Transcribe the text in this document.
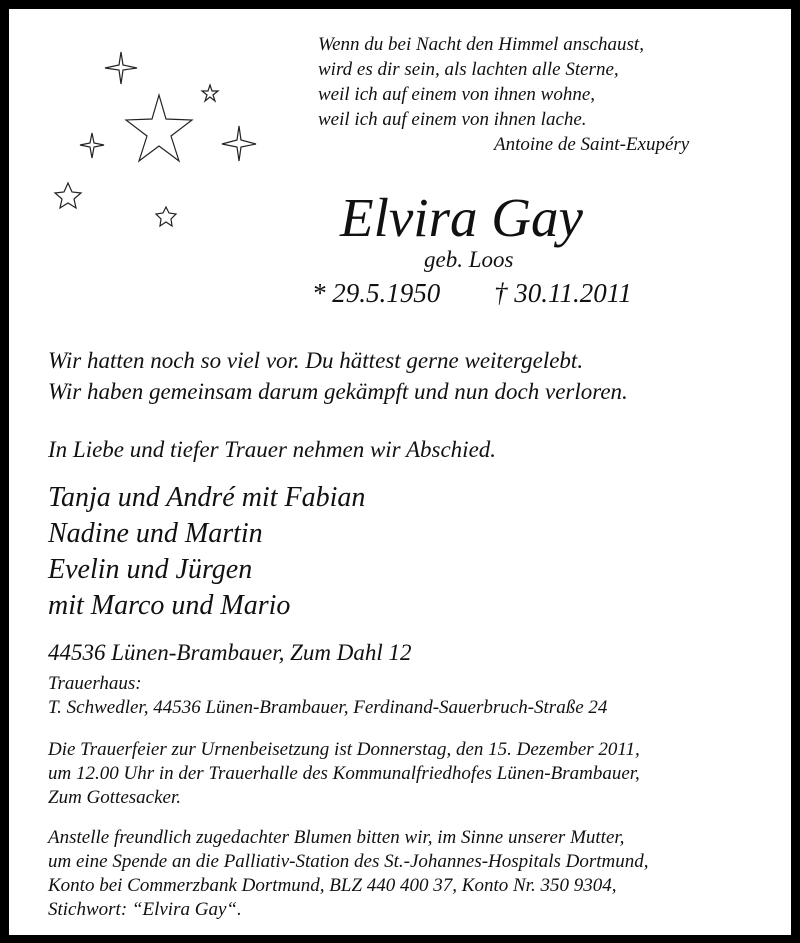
Wenn du bei Nacht den Himmel anschaust,
wird es dir sein, als lachten alle Sterne,
weil ich auf einem von ihnen wohne,
weil ich auf einem von ihnen lache.
Antoine de Saint-Exupéry
Elvira Gay
geb. Loos
* 29.5.1950 † 30.11.2011
Wir hatten noch so viel vor. Du hättest gerne weitergelebt.
Wir haben gemeinsam darum gekämpft und nun doch verloren.
In Liebe und tiefer Trauer nehmen wir Abschied.
Tanja und André mit Fabian
Nadine und Martin
Evelin und Jürgen
mit Marco und Mario
44536 Lünen-Brambauer, Zum Dahl 12
Trauerhaus:
T. Schwedler, 44536 Lünen-Brambauer, Ferdinand-Sauerbruch-Straße 24
Die Trauerfeier zur Urnenbeisetzung ist Donnerstag, den 15. Dezember 2011,
um 12.00 Uhr in der Trauerhalle des Kommunalfriedhofes Lünen-Brambauer,
Zum Gottesacker.
Anstelle freundlich zugedachter Blumen bitten wir, im Sinne unserer Mutter,
um eine Spende an die Palliativ-Station des St.-Johannes-Hospitals Dortmund,
Konto bei Commerzbank Dortmund, BLZ 440 400 37, Konto Nr. 350 9304,
Stichwort: “Elvira Gay“.
